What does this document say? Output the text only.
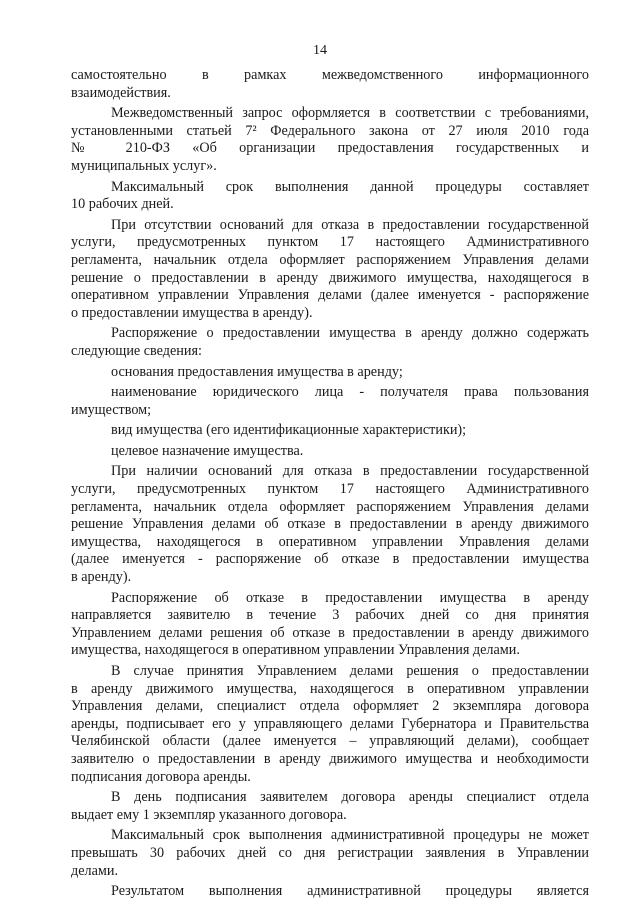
14

самостоятельно в рамках межведомственного информационного

взаимодействия.

Межведомственный запрос оформляется в соответствии с требованиями,

установленными статьей 7² Федерального закона от 27 июля 2010 года

№ 210-ФЗ «Об организации предоставления государственных и

муниципальных услуг».

Максимальный срок выполнения данной процедуры составляет

10 рабочих дней.

При отсутствии оснований для отказа в предоставлении государственной

услуги, предусмотренных пунктом 17 настоящего Административного

регламента, начальник отдела оформляет распоряжением Управления делами

решение о предоставлении в аренду движимого имущества, находящегося в

оперативном управлении Управления делами (далее именуется - распоряжение

о предоставлении имущества в аренду).

Распоряжение о предоставлении имущества в аренду должно содержать

следующие сведения:

основания предоставления имущества в аренду;

наименование юридического лица - получателя права пользования

имуществом;

вид имущества (его идентификационные характеристики);

целевое назначение имущества.

При наличии оснований для отказа в предоставлении государственной

услуги, предусмотренных пунктом 17 настоящего Административного

регламента, начальник отдела оформляет распоряжением Управления делами

решение Управления делами об отказе в предоставлении в аренду движимого

имущества, находящегося в оперативном управлении Управления делами

(далее именуется - распоряжение об отказе в предоставлении имущества

в аренду).

Распоряжение об отказе в предоставлении имущества в аренду

направляется заявителю в течение 3 рабочих дней со дня принятия

Управлением делами решения об отказе в предоставлении в аренду движимого

имущества, находящегося в оперативном управлении Управления делами.

В случае принятия Управлением делами решения о предоставлении

в аренду движимого имущества, находящегося в оперативном управлении

Управления делами, специалист отдела оформляет 2 экземпляра договора

аренды, подписывает его у управляющего делами Губернатора и Правительства

Челябинской области (далее именуется – управляющий делами), сообщает

заявителю о предоставлении в аренду движимого имущества и необходимости

подписания договора аренды.

В день подписания заявителем договора аренды специалист отдела

выдает ему 1 экземпляр указанного договора.

Максимальный срок выполнения административной процедуры не может

превышать 30 рабочих дней со дня регистрации заявления в Управлении

делами.

Результатом выполнения административной процедуры является
